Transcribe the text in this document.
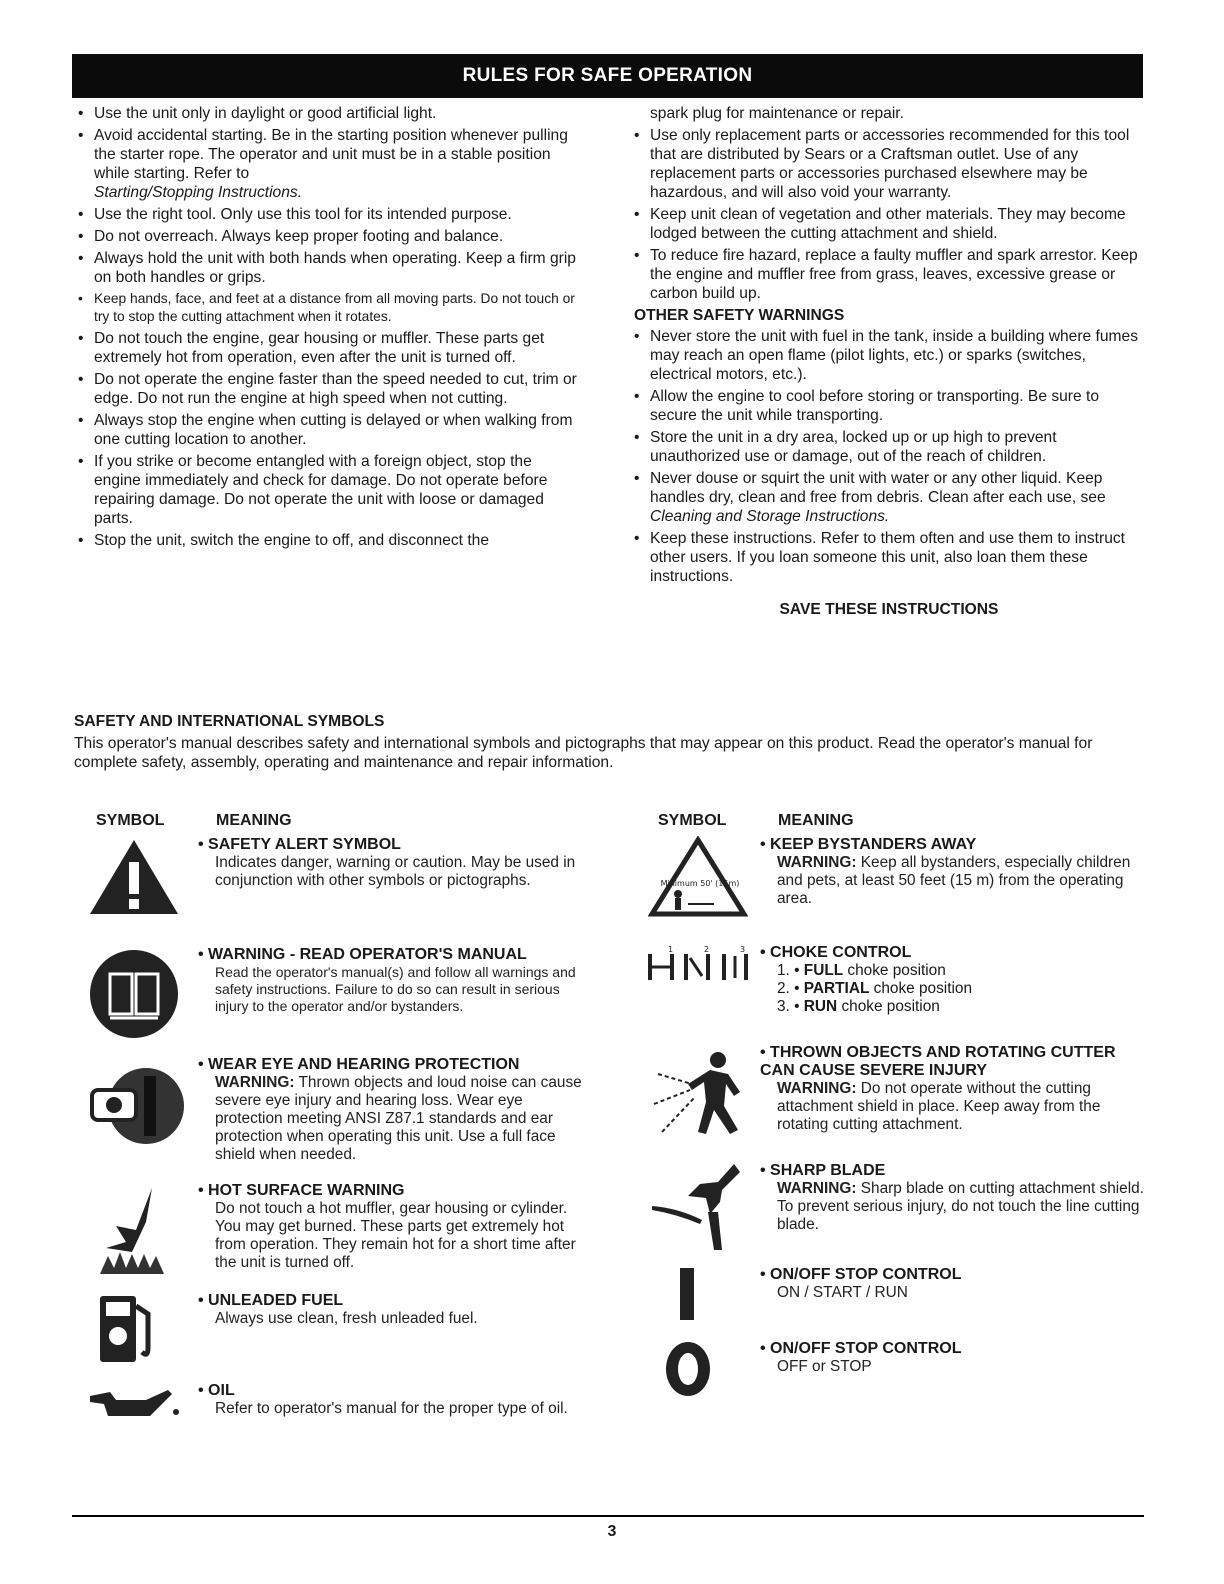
RULES FOR SAFE OPERATION
• Use the unit only in daylight or good artificial light.
• Avoid accidental starting. Be in the starting position whenever pulling the starter rope. The operator and unit must be in a stable position while starting. Refer to
Starting/Stopping Instructions.
• Use the right tool. Only use this tool for its intended purpose.
• Do not overreach. Always keep proper footing and balance.
• Always hold the unit with both hands when operating. Keep a firm grip on both handles or grips.
• Keep hands, face, and feet at a distance from all moving parts. Do not touch or try to stop the cutting attachment when it rotates.
• Do not touch the engine, gear housing or muffler. These parts get extremely hot from operation, even after the unit is turned off.
• Do not operate the engine faster than the speed needed to cut, trim or edge. Do not run the engine at high speed when not cutting.
• Always stop the engine when cutting is delayed or when walking from one cutting location to another.
• If you strike or become entangled with a foreign object, stop the engine immediately and check for damage. Do not operate before repairing damage. Do not operate the unit with loose or damaged parts.
• Stop the unit, switch the engine to off, and disconnect the
spark plug for maintenance or repair.
• Use only replacement parts or accessories recommended for this tool that are distributed by Sears or a Craftsman outlet. Use of any replacement parts or accessories purchased elsewhere may be hazardous, and will also void your warranty.
• Keep unit clean of vegetation and other materials. They may become lodged between the cutting attachment and shield.
• To reduce fire hazard, replace a faulty muffler and spark arrestor. Keep the engine and muffler free from grass, leaves, excessive grease or carbon build up.
OTHER SAFETY WARNINGS
• Never store the unit with fuel in the tank, inside a building where fumes may reach an open flame (pilot lights, etc.) or sparks (switches, electrical motors, etc.).
• Allow the engine to cool before storing or transporting. Be sure to secure the unit while transporting.
• Store the unit in a dry area, locked up or up high to prevent unauthorized use or damage, out of the reach of children.
• Never douse or squirt the unit with water or any other liquid. Keep handles dry, clean and free from debris. Clean after each use, see Cleaning and Storage Instructions.
• Keep these instructions. Refer to them often and use them to instruct other users. If you loan someone this unit, also loan them these instructions.
SAVE THESE INSTRUCTIONS
SAFETY AND INTERNATIONAL SYMBOLS
This operator's manual describes safety and international symbols and pictographs that may appear on this product. Read the operator's manual for complete safety, assembly, operating and maintenance and repair information.
SYMBOL	MEANING
• SAFETY ALERT SYMBOL
Indicates danger, warning or caution. May be used in conjunction with other symbols or pictographs.
• WARNING - READ OPERATOR'S MANUAL
Read the operator's manual(s) and follow all warnings and safety instructions. Failure to do so can result in serious injury to the operator and/or bystanders.
• WEAR EYE AND HEARING PROTECTION
WARNING: Thrown objects and loud noise can cause severe eye injury and hearing loss. Wear eye protection meeting ANSI Z87.1 standards and ear protection when operating this unit. Use a full face shield when needed.
• HOT SURFACE WARNING
Do not touch a hot muffler, gear housing or cylinder. You may get burned. These parts get extremely hot from operation. They remain hot for a short time after the unit is turned off.
• UNLEADED FUEL
Always use clean, fresh unleaded fuel.
• OIL
Refer to operator's manual for the proper type of oil.
SYMBOL	MEANING
Minimum 50' (15m)
• KEEP BYSTANDERS AWAY
WARNING: Keep all bystanders, especially children and pets, at least 50 feet (15 m) from the operating area.
1	2	3
•	CHOKE CONTROL
1. • FULL choke position
2. • PARTIAL choke position
3. • RUN choke position
• THROWN OBJECTS AND ROTATING CUTTER CAN CAUSE SEVERE INJURY
WARNING: Do not operate without the cutting attachment shield in place. Keep away from the rotating cutting attachment.
• SHARP BLADE
WARNING: Sharp blade on cutting attachment shield. To prevent serious injury, do not touch the line cutting blade.
• ON/OFF STOP CONTROL
ON / START / RUN
• ON/OFF STOP CONTROL
OFF or STOP
3
